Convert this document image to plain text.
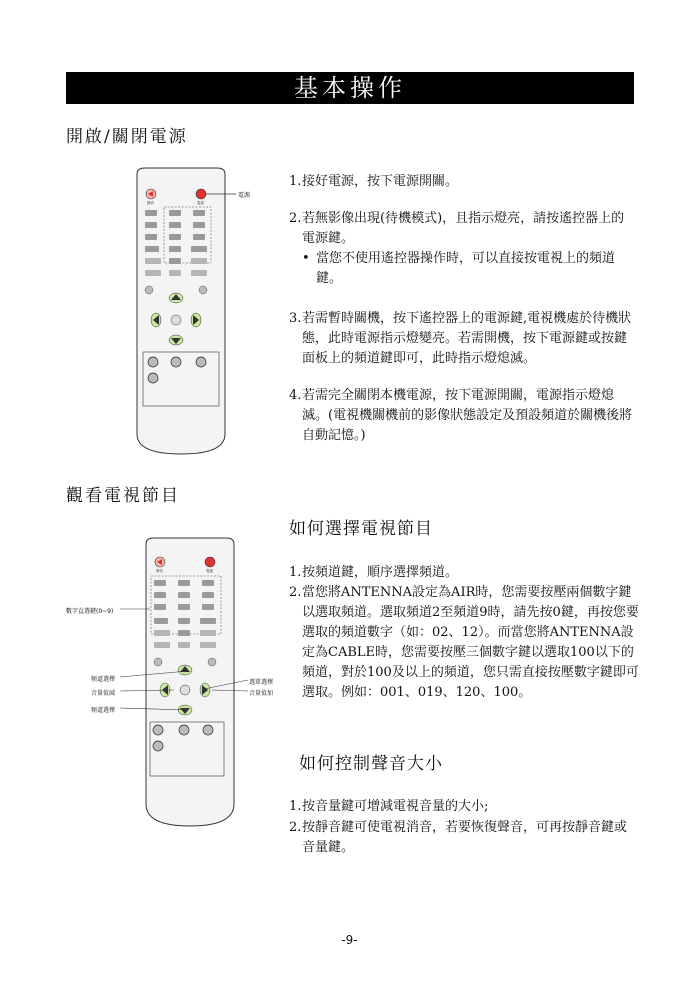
基本操作
開啟/關閉電源
靜音	電源
電源
1. 接好電源，按下電源開關。
2. 若無影像出現(待機模式)，且指示燈亮，請按遙控器上的電源鍵。
• 當您不使用遙控器操作時，可以直接按電視上的頻道鍵。
3. 若需暫時關機，按下遙控器上的電源鍵,電視機處於待機狀態，此時電源指示燈變亮。若需開機，按下電源鍵或按鍵面板上的頻道鍵即可，此時指示燈熄滅。
4. 若需完全關閉本機電源，按下電源開關，電源指示燈熄滅。(電視機關機前的影像狀態設定及預設頻道於關機後將自動記憶。)
觀看電視節目
靜音	電源
數字直選鍵(0~9)
頻道選擇
音量值減
頻道選擇
選單選擇
音量值加
如何選擇電視節目
1. 按頻道鍵，順序選擇頻道。
2. 當您將ANTENNA設定為AIR時，您需要按壓兩個數字鍵以選取頻道。選取頻道2至頻道9時，請先按0鍵，再按您要選取的頻道數字（如：02、12）。而當您將ANTENNA設定為CABLE時，您需要按壓三個數字鍵以選取100以下的頻道，對於100及以上的頻道，您只需直接按壓數字鍵即可選取。例如：001、019、120、100。
如何控制聲音大小
1. 按音量鍵可增減電視音量的大小;
2. 按靜音鍵可使電視消音，若要恢復聲音，可再按靜音鍵或音量鍵。
-9-
